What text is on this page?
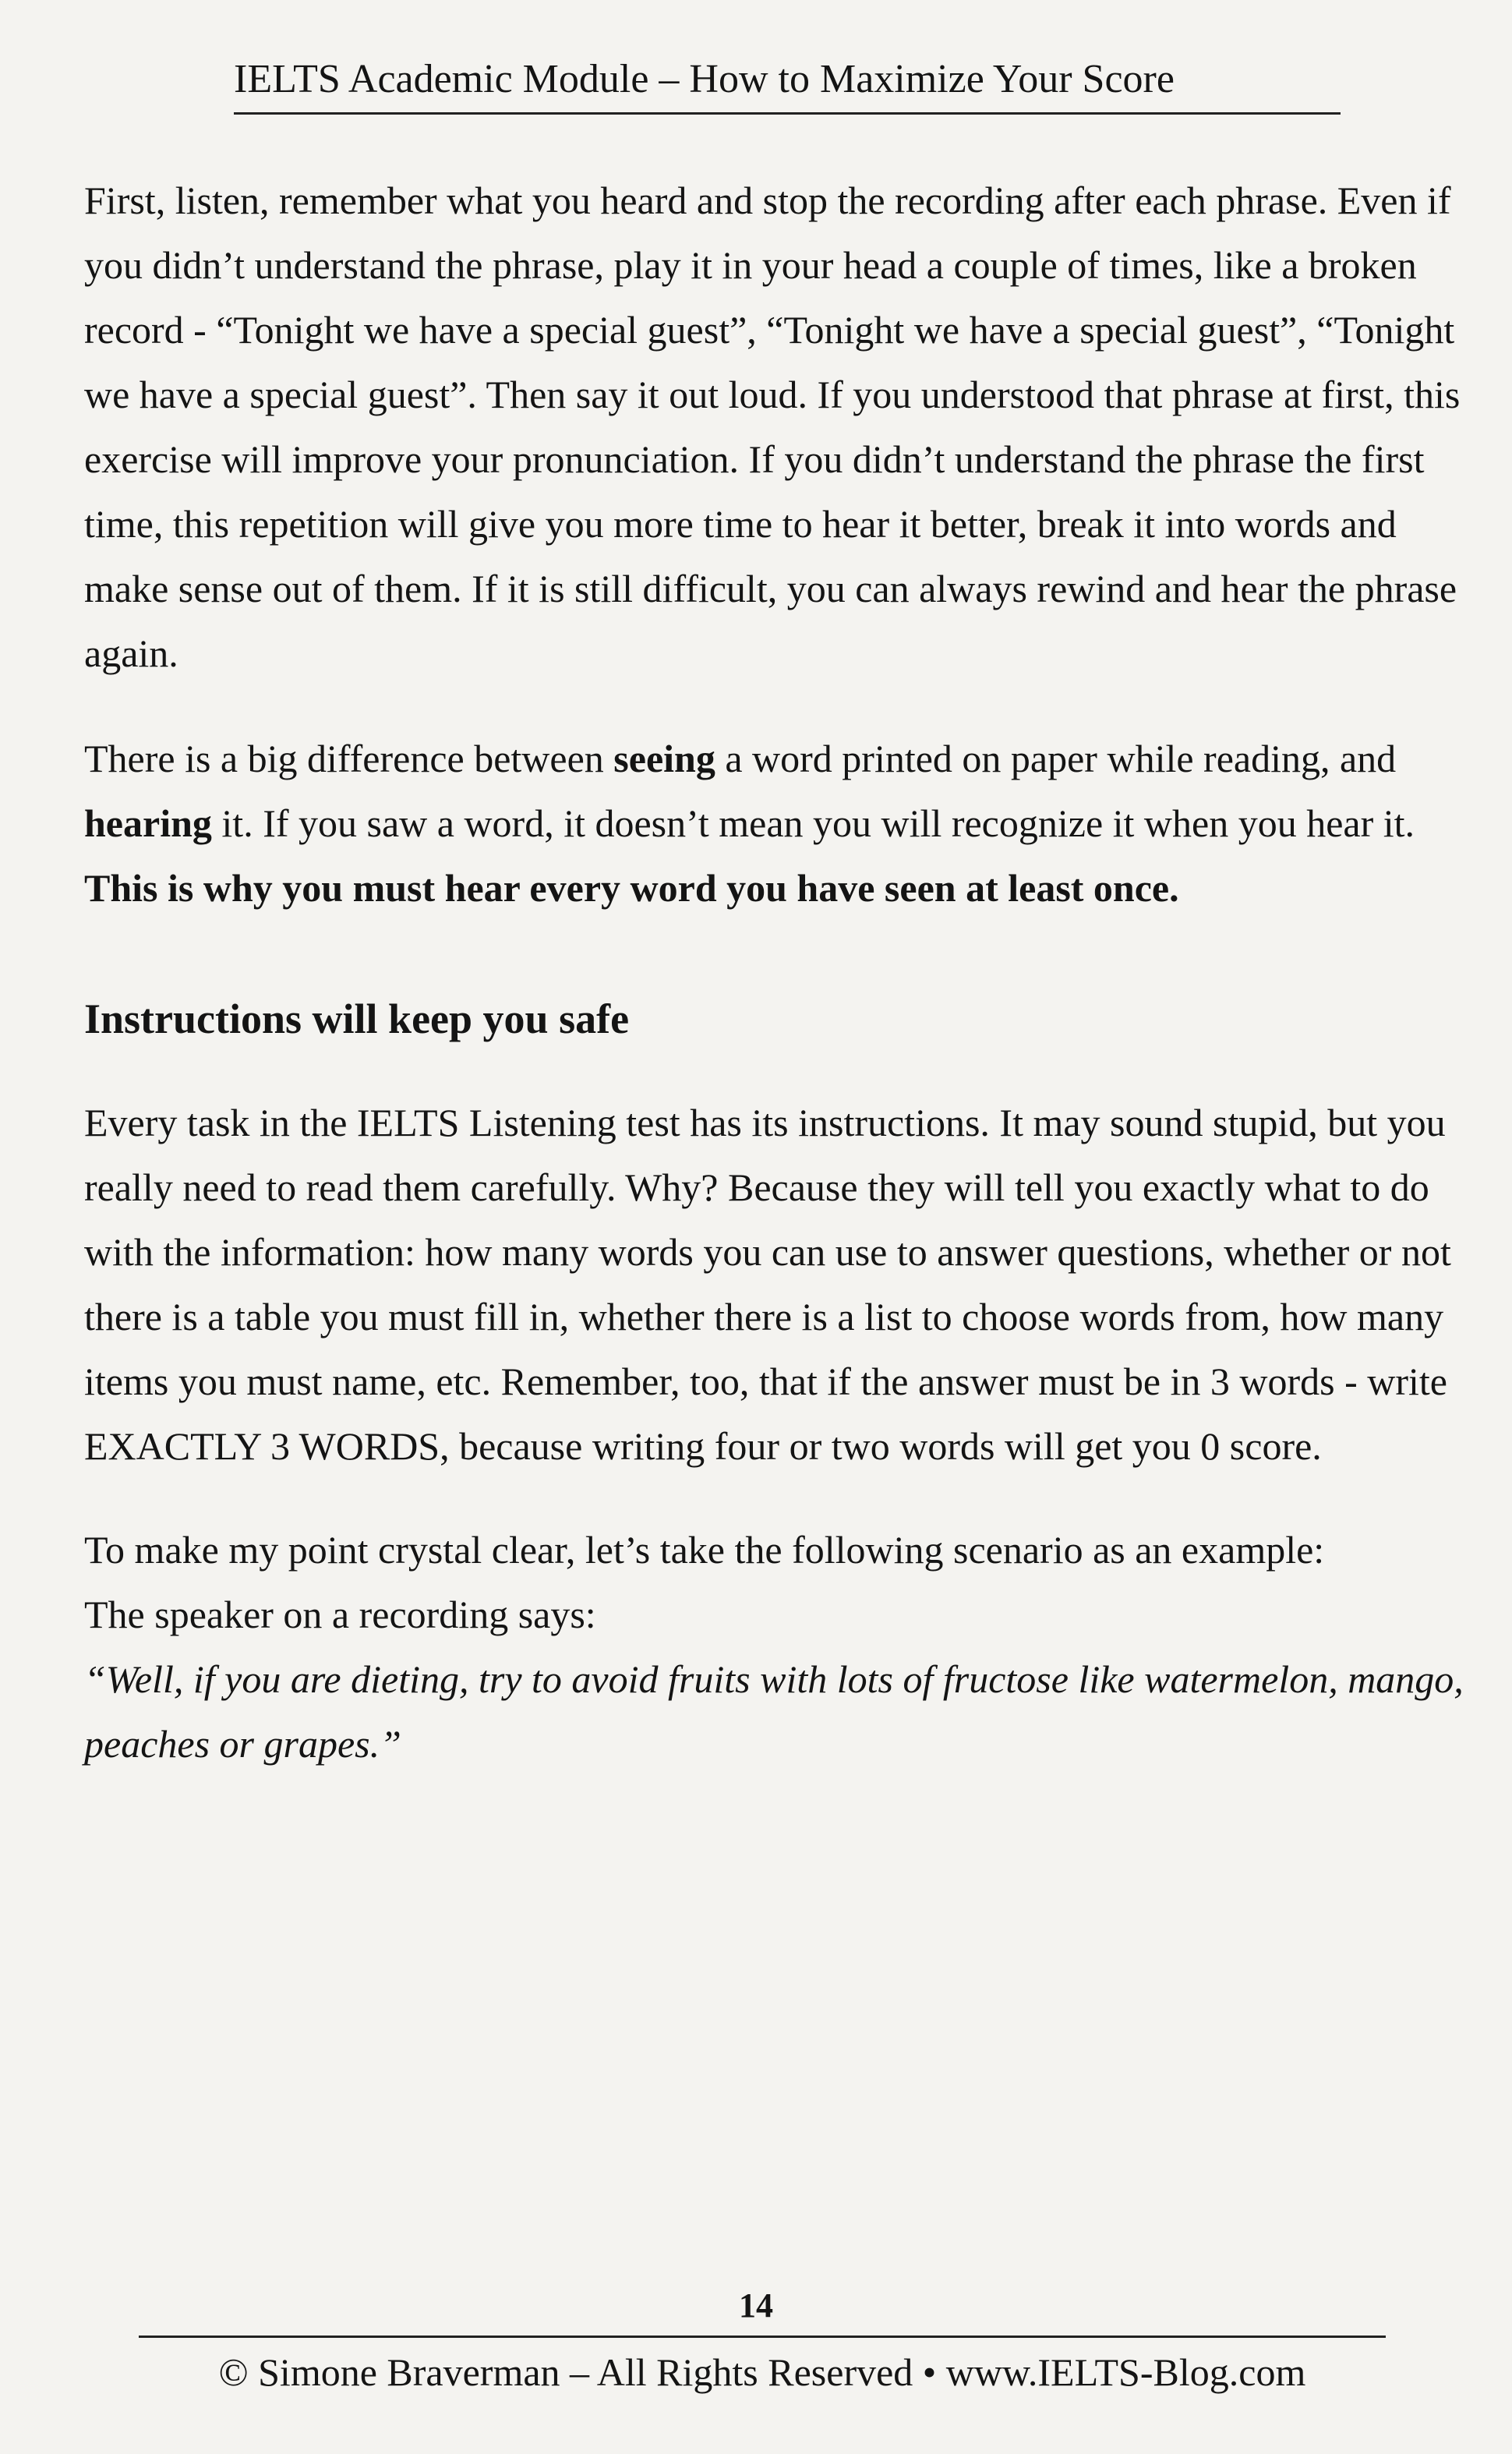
IELTS Academic Module – How to Maximize Your Score

First, listen, remember what you heard and stop the recording after each phrase. Even if you didn’t understand the phrase, play it in your head a couple of times, like a broken record - “Tonight we have a special guest”, “Tonight we have a special guest”, “Tonight we have a special guest”. Then say it out loud. If you understood that phrase at first, this exercise will improve your pronunciation. If you didn’t understand the phrase the first time, this repetition will give you more time to hear it better, break it into words and make sense out of them. If it is still difficult, you can always rewind and hear the phrase again.

There is a big difference between seeing a word printed on paper while reading, and hearing it. If you saw a word, it doesn’t mean you will recognize it when you hear it.

This is why you must hear every word you have seen at least once.

Instructions will keep you safe

Every task in the IELTS Listening test has its instructions. It may sound stupid, but you really need to read them carefully. Why? Because they will tell you exactly what to do with the information: how many words you can use to answer questions, whether or not there is a table you must fill in, whether there is a list to choose words from, how many items you must name, etc. Remember, too, that if the answer must be in 3 words - write EXACTLY 3 WORDS, because writing four or two words will get you 0 score.

To make my point crystal clear, let’s take the following scenario as an example:

The speaker on a recording says:

“Well, if you are dieting, try to avoid fruits with lots of fructose like watermelon, mango, peaches or grapes.”

14
© Simone Braverman – All Rights Reserved • www.IELTS-Blog.com
